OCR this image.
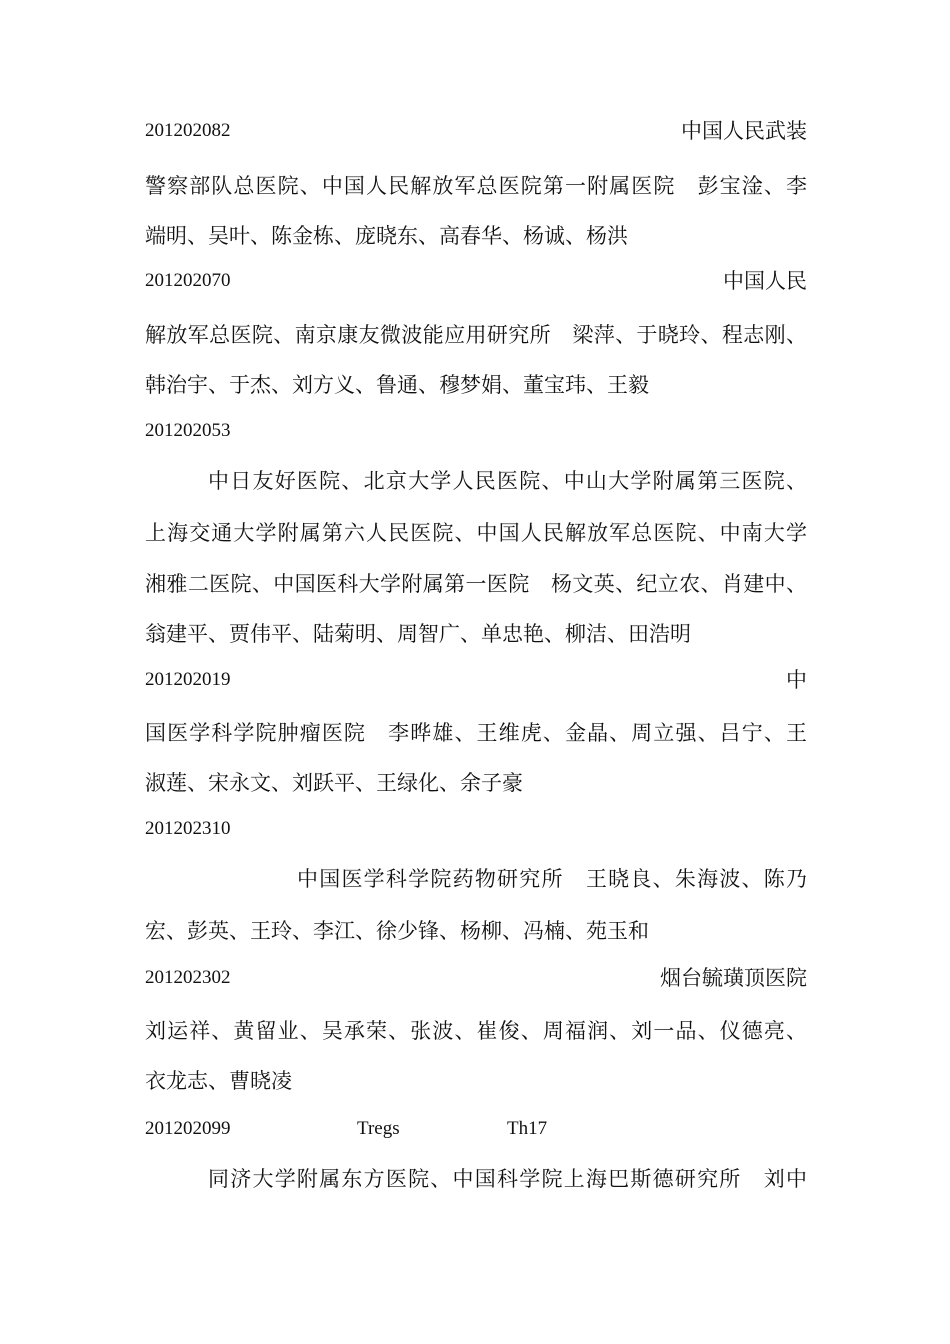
201202082	中国人民武装
警察部队总医院、中国人民解放军总医院第一附属医院　彭宝淦、李
端明、吴叶、陈金栋、庞晓东、高春华、杨诚、杨洪
201202070	中国人民
解放军总医院、南京康友微波能应用研究所　梁萍、于晓玲、程志刚、
韩治宇、于杰、刘方义、鲁通、穆梦娟、董宝玮、王毅
201202053
中日友好医院、北京大学人民医院、中山大学附属第三医院、
上海交通大学附属第六人民医院、中国人民解放军总医院、中南大学
湘雅二医院、中国医科大学附属第一医院　杨文英、纪立农、肖建中、
翁建平、贾伟平、陆菊明、周智广、单忠艳、柳洁、田浩明
201202019	中
国医学科学院肿瘤医院　李晔雄、王维虎、金晶、周立强、吕宁、王
淑莲、宋永文、刘跃平、王绿化、余子豪
201202310
中国医学科学院药物研究所　王晓良、朱海波、陈乃
宏、彭英、王玲、李江、徐少锋、杨柳、冯楠、苑玉和
201202302	烟台毓璜顶医院
刘运祥、黄留业、吴承荣、张波、崔俊、周福润、刘一品、仪德亮、
衣龙志、曹晓凌
201202099	Tregs	Th17
同济大学附属东方医院、中国科学院上海巴斯德研究所　刘中
